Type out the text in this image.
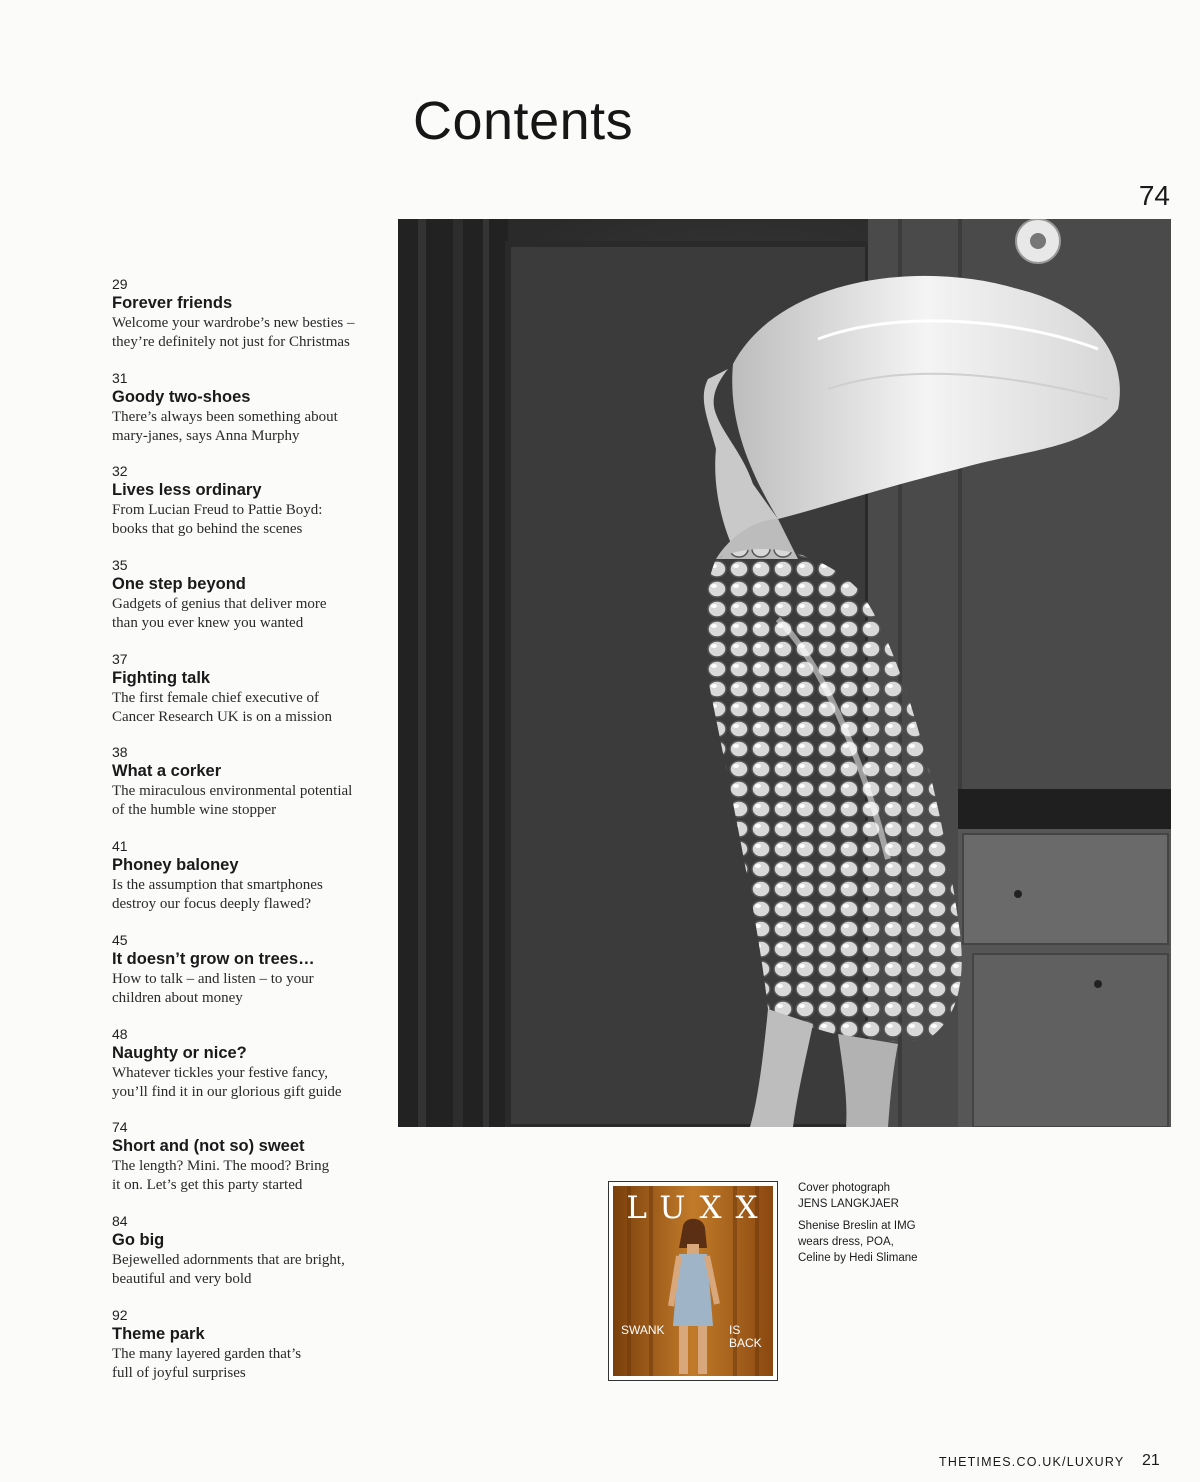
Contents
74
29
Forever friends
Welcome your wardrobe’s new besties –
they’re definitely not just for Christmas
31
Goody two-shoes
There’s always been something about
mary-janes, says Anna Murphy
32
Lives less ordinary
From Lucian Freud to Pattie Boyd:
books that go behind the scenes
35
One step beyond
Gadgets of genius that deliver more
than you ever knew you wanted
37
Fighting talk
The first female chief executive of
Cancer Research UK is on a mission
38
What a corker
The miraculous environmental potential
of the humble wine stopper
41
Phoney baloney
Is the assumption that smartphones
destroy our focus deeply flawed?
45
It doesn’t grow on trees…
How to talk – and listen – to your
children about money
48
Naughty or nice?
Whatever tickles your festive fancy,
you’ll find it in our glorious gift guide
74
Short and (not so) sweet
The length? Mini. The mood? Bring
it on. Let’s get this party started
84
Go big
Bejewelled adornments that are bright,
beautiful and very bold
92
Theme park
The many layered garden that’s
full of joyful surprises
LUXX
SWANK	IS
BACK
Cover photograph
JENS LANGKJAER
Shenise Breslin at IMG
wears dress, POA,
Celine by Hedi Slimane
THETIMES.CO.UK/LUXURY 21
